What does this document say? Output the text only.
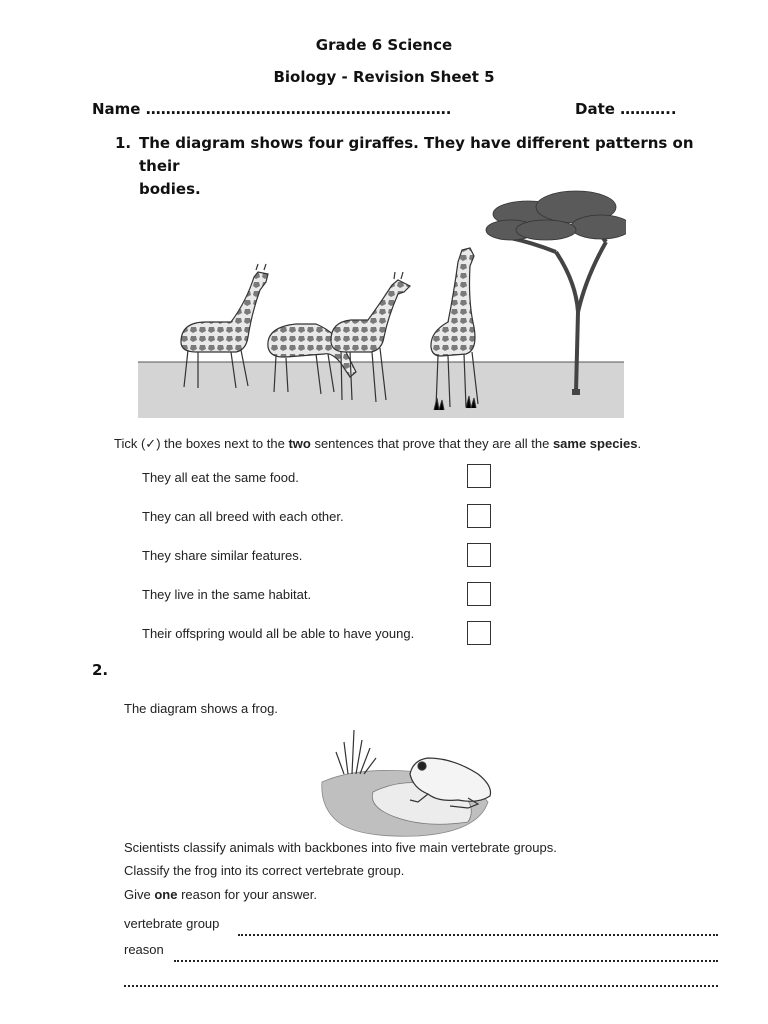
Grade 6 Science
Biology - Revision Sheet 5
Name …………………………………………………….	Date ………..
1. The diagram shows four giraffes. They have different patterns on their
bodies.
Tick (✓) the boxes next to the two sentences that prove that they are all the same species.
They all eat the same food.
They can all breed with each other.
They share similar features.
They live in the same habitat.
Their offspring would all be able to have young.
2.
The diagram shows a frog.
Scientists classify animals with backbones into five main vertebrate groups.
Classify the frog into its correct vertebrate group.
Give one reason for your answer.
vertebrate group
reason
